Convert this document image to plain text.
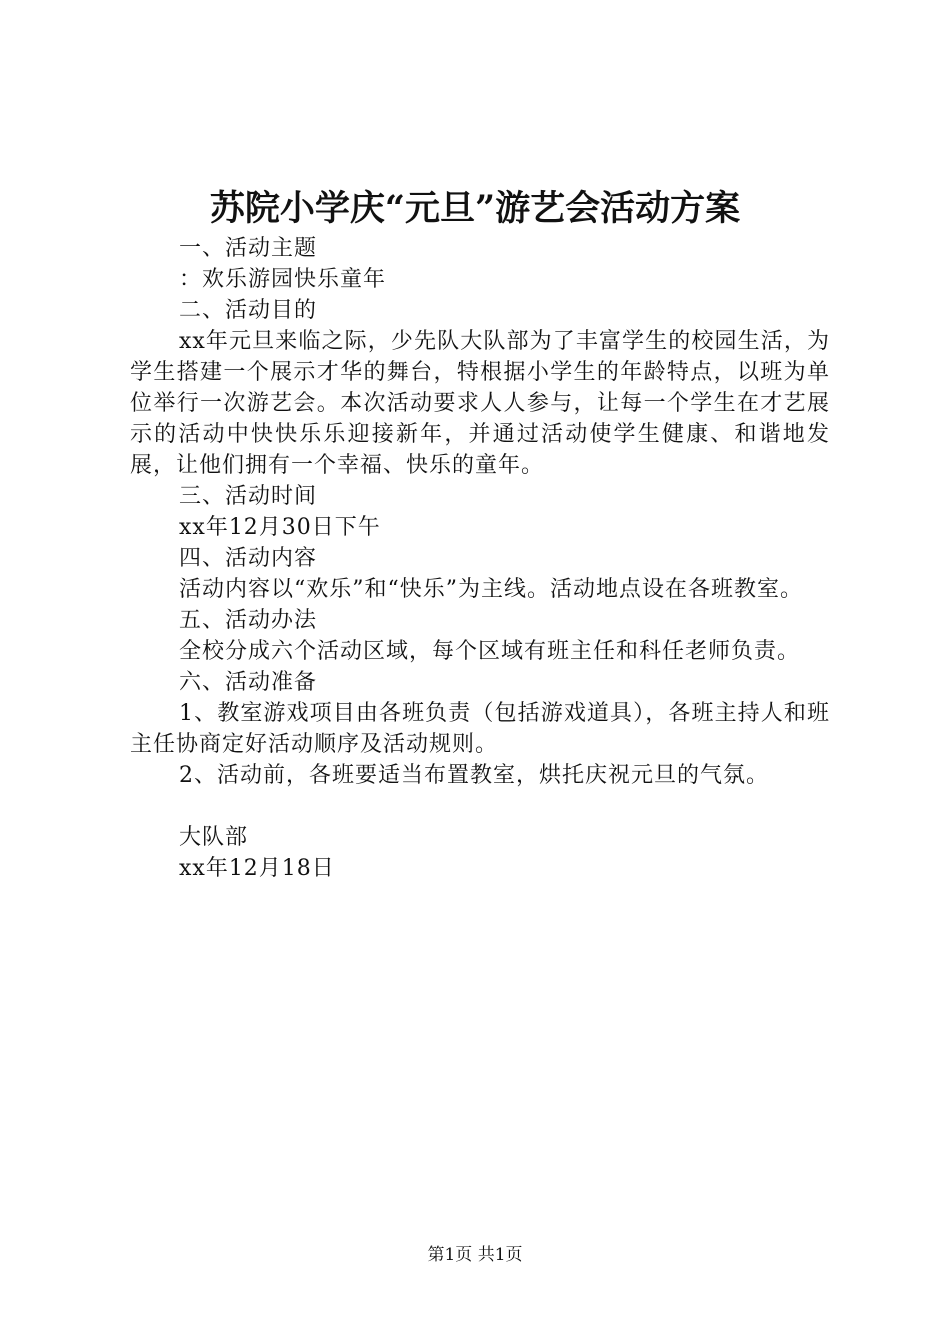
苏院小学庆“元旦”游艺会活动方案

一、活动主题

：欢乐游园快乐童年

二、活动目的

xx年元旦来临之际，少先队大队部为了丰富学生的校园生活，为学生搭建一个展示才华的舞台，特根据小学生的年龄特点，以班为单位举行一次游艺会。本次活动要求人人参与，让每一个学生在才艺展示的活动中快快乐乐迎接新年，并通过活动使学生健康、和谐地发展，让他们拥有一个幸福、快乐的童年。

三、活动时间

xx年12月30日下午

四、活动内容

活动内容以“欢乐”和“快乐”为主线。活动地点设在各班教室。

五、活动办法

全校分成六个活动区域，每个区域有班主任和科任老师负责。

六、活动准备

1、教室游戏项目由各班负责（包括游戏道具），各班主持人和班主任协商定好活动顺序及活动规则。

2、活动前，各班要适当布置教室，烘托庆祝元旦的气氛。

大队部

xx年12月18日

第1页 共1页
